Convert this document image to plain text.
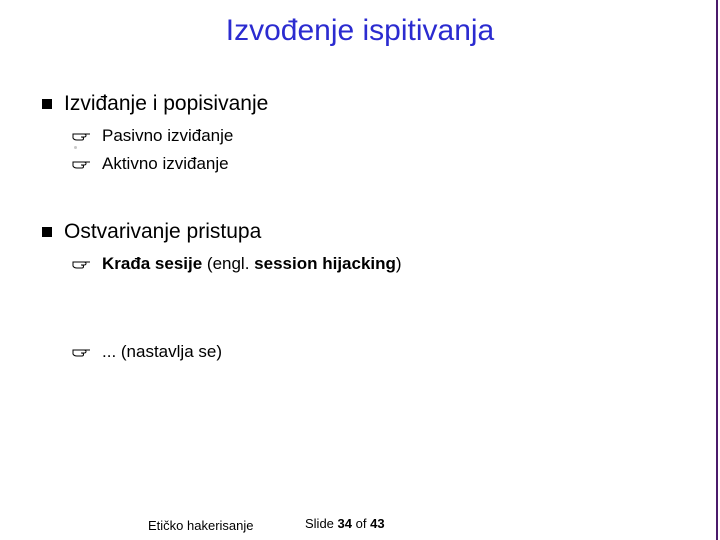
Izvođenje ispitivanja
Izviđanje i popisivanje
Pasivno izviđanje
Aktivno izviđanje
Ostvarivanje pristupa
Krađa sesije (engl. session hijacking)
... (nastavlja se)
Etičko hakerisanje	Slide 34 of 43
